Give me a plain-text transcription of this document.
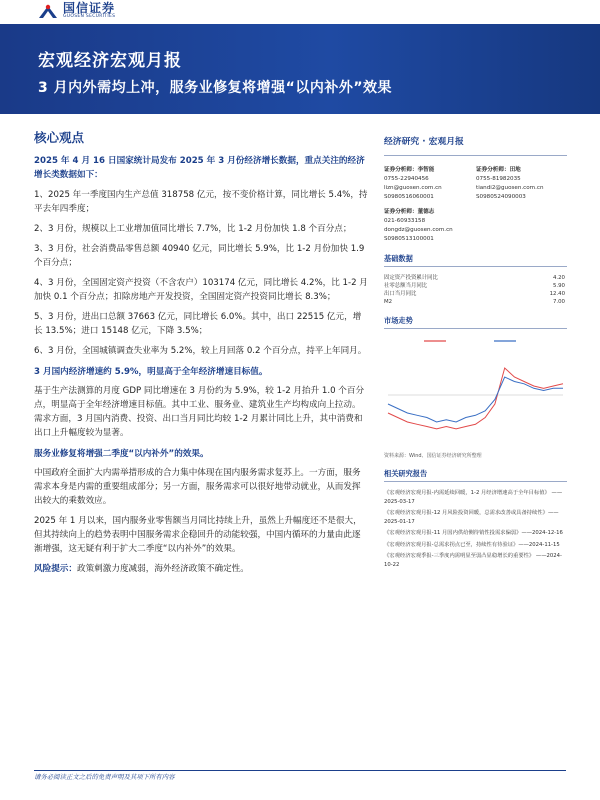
国信证券
GUOSEN SECURITIES
宏观经济宏观月报
3 月内外需均上冲，服务业修复将增强“以内补外”效果
核心观点

2025 年 4 月 16 日国家统计局发布 2025 年 3 月份经济增长数据，重点关注的经济增长类数据如下：

1、2025 年一季度国内生产总值 318758 亿元，按不变价格计算，同比增长 5.4%，持平去年四季度；

2、3 月份，规模以上工业增加值同比增长 7.7%，比 1-2 月份加快 1.8 个百分点；

3、3 月份，社会消费品零售总额 40940 亿元，同比增长 5.9%，比 1-2 月份加快 1.9 个百分点；

4、3 月份，全国固定资产投资（不含农户）103174 亿元，同比增长 4.2%，比 1-2 月加快 0.1 个百分点；扣除房地产开发投资，全国固定资产投资同比增长 8.3%；

5、3 月份，进出口总额 37663 亿元，同比增长 6.0%。其中，出口 22515 亿元，增长 13.5%；进口 15148 亿元，下降 3.5%；

6、3 月份，全国城镇调查失业率为 5.2%，较上月回落 0.2 个百分点，持平上年同月。

3 月国内经济增速约 5.9%，明显高于全年经济增速目标值。

基于生产法测算的月度 GDP 同比增速在 3 月份约为 5.9%，较 1-2 月抬升 1.0 个百分点，明显高于全年经济增速目标值。其中工业、服务业、建筑业生产均构成向上拉动。需求方面，3 月国内消费、投资、出口当月同比均较 1-2 月累计同比上升，其中消费和出口上升幅度较为显著。

服务业修复将增强二季度“以内补外”的效果。

中国政府全面扩大内需举措形成的合力集中体现在国内服务需求复苏上。一方面，服务需求本身是内需的重要组成部分；另一方面，服务需求可以很好地带动就业，从而发挥出较大的乘数效应。

2025 年 1 月以来，国内服务业零售额当月同比持续上升，虽然上升幅度还不是很大，但其持续向上的趋势表明中国服务需求企稳回升的动能较强，中国内循环的力量由此逐渐增强，这无疑有利于扩大二季度“以内补外”的效果。

风险提示：政策刺激力度减弱，海外经济政策不确定性。
经济研究 · 宏观月报
证券分析师：李智能
0755-22940456
lizn@guosen.com.cn
S0980516060001
证券分析师：田地
0755-81982035
tiandi2@guosen.com.cn
S0980524090003
证券分析师：董德志
021-60933158
dongdz@guosen.com.cn
S0980513100001
基础数据
固定资产投资累计同比	4.20
社零总额当月同比	5.90
出口当月同比	12.40
M2	7.00
市场走势
资料来源：Wind、国信证券经济研究所整理
相关研究报告
《宏观经济宏观月报-内需延续回暖，1-2 月经济增速高于全年目标值》 ——2025-03-17
《宏观经济宏观月报-12 月风险投资回暖，总需求改善或具备持续性》——2025-01-17
《宏观经济宏观月报-11 月国内供给侧待销性投需求偏弱》——2024-12-16
《宏观经济宏观月报-总需求拐点已至，持续性有待验证》——2024-11-15
《宏观经济宏观季报-三季度内需明显至弱凸显稳增长的重要性》 ——2024-10-22
请务必阅读正文之后的免责声明及其项下所有内容
